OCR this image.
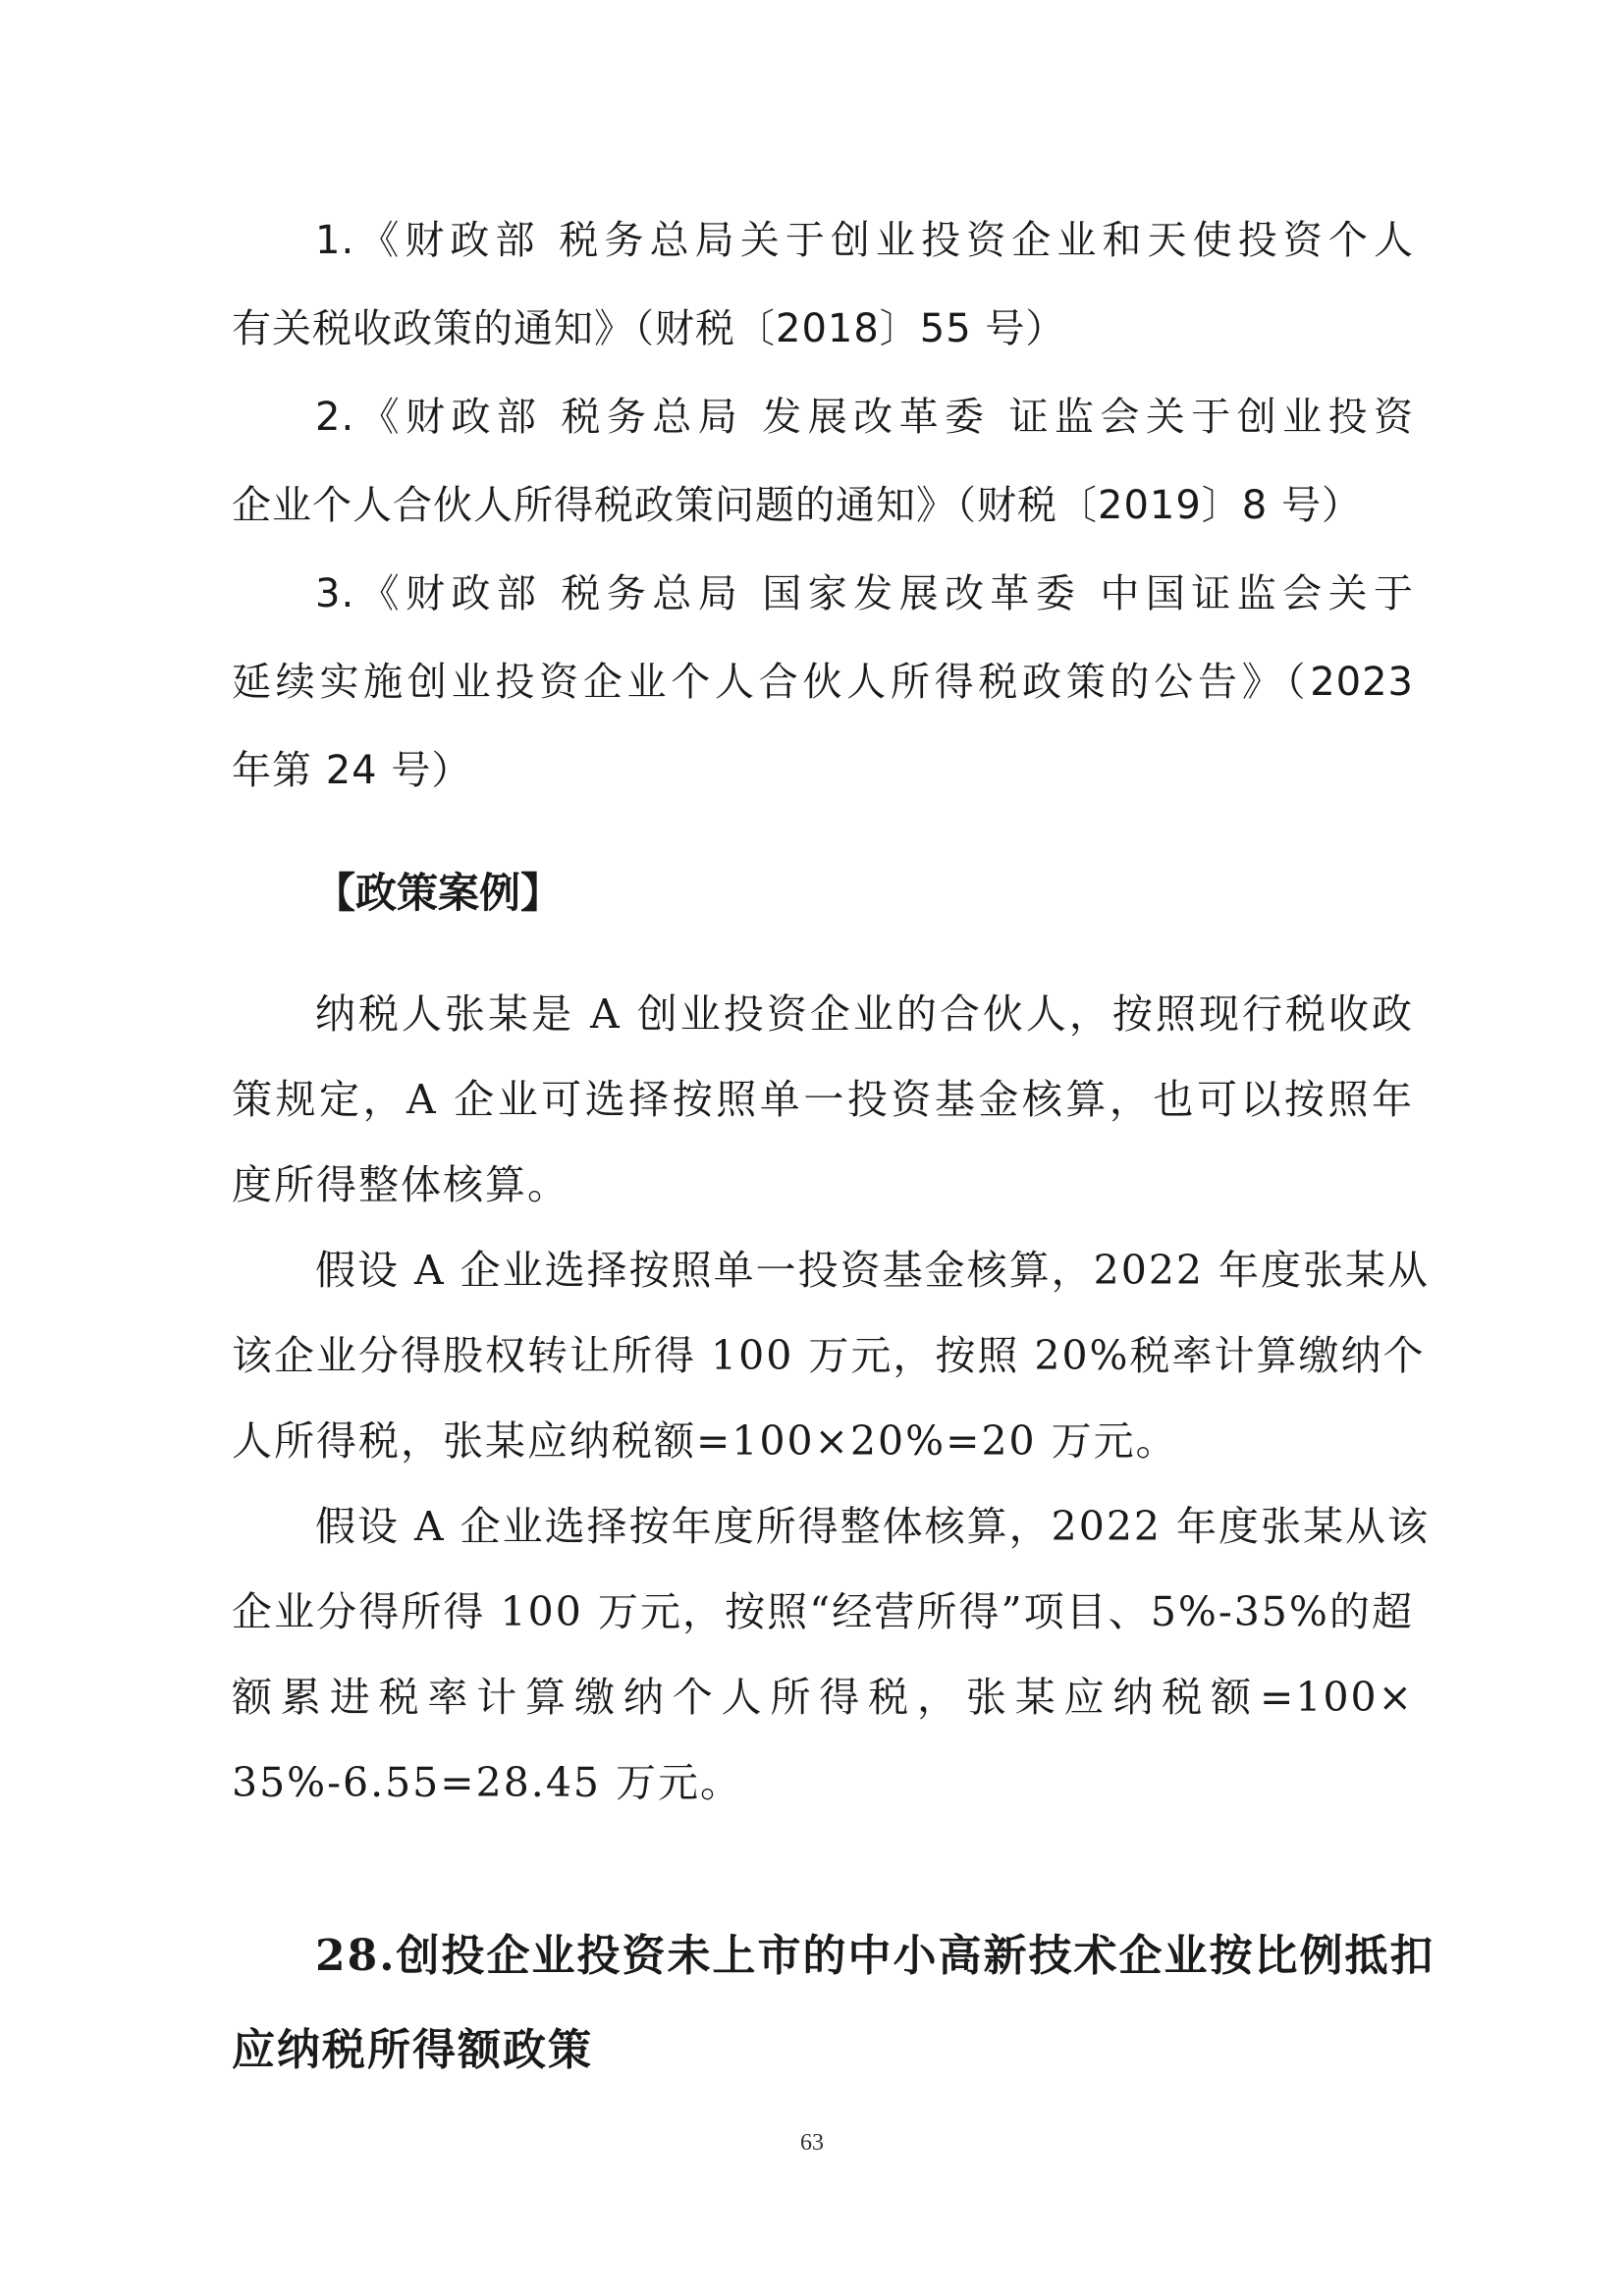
1.《财政部 税务总局关于创业投资企业和天使投资个人
有关税收政策的通知》（财税〔2018〕55 号）
2.《财政部 税务总局 发展改革委 证监会关于创业投资
企业个人合伙人所得税政策问题的通知》（财税〔2019〕8 号）
3.《财政部 税务总局 国家发展改革委 中国证监会关于
延续实施创业投资企业个人合伙人所得税政策的公告》（2023
年第 24 号）

【政策案例】

纳税人张某是 A 创业投资企业的合伙人，按照现行税收政
策规定，A 企业可选择按照单一投资基金核算，也可以按照年
度所得整体核算。
假设 A 企业选择按照单一投资基金核算，2022 年度张某从
该企业分得股权转让所得 100 万元，按照 20%税率计算缴纳个
人所得税，张某应纳税额=100×20%=20 万元。
假设 A 企业选择按年度所得整体核算，2022 年度张某从该
企业分得所得 100 万元，按照“经营所得”项目、5%-35%的超
额累进税率计算缴纳个人所得税，张某应纳税额=100×
35%-6.55=28.45 万元。
28.创投企业投资未上市的中小高新技术企业按比例抵扣
应纳税所得额政策
63
